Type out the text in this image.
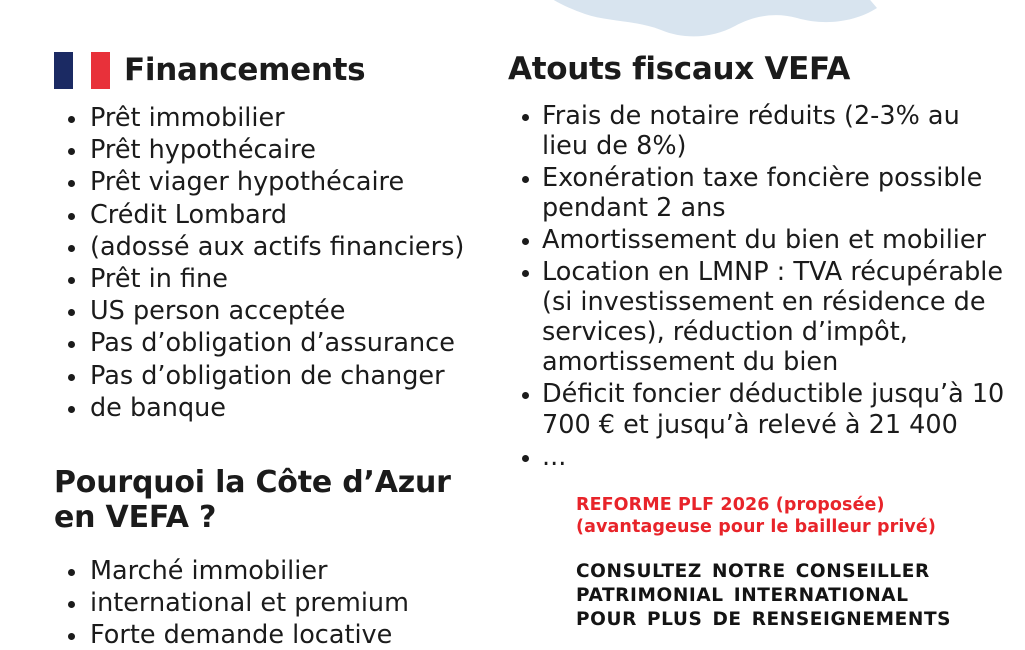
Financements
Prêt immobilier
Prêt hypothécaire
Prêt viager hypothécaire
Crédit Lombard
(adossé aux actifs financiers)
Prêt in fine
US person acceptée
Pas d’obligation d’assurance
Pas d’obligation de changer
de banque
Pourquoi la Côte d’Azur en VEFA ?
Marché immobilier
international et premium
Forte demande locative
Atouts fiscaux VEFA
Frais de notaire réduits (2-3% au lieu de 8%)
Exonération taxe foncière possible pendant 2 ans
Amortissement du bien et mobilier
Location en LMNP : TVA récupérable (si investissement en résidence de services), réduction d’impôt, amortissement du bien
Déficit foncier déductible jusqu’à 10 700 € et jusqu’à relevé à 21 400
...

REFORME PLF 2026 (proposée) (avantageuse pour le bailleur privé)

CONSULTEZ NOTRE CONSEILLER PATRIMONIAL INTERNATIONAL POUR PLUS DE RENSEIGNEMENTS
